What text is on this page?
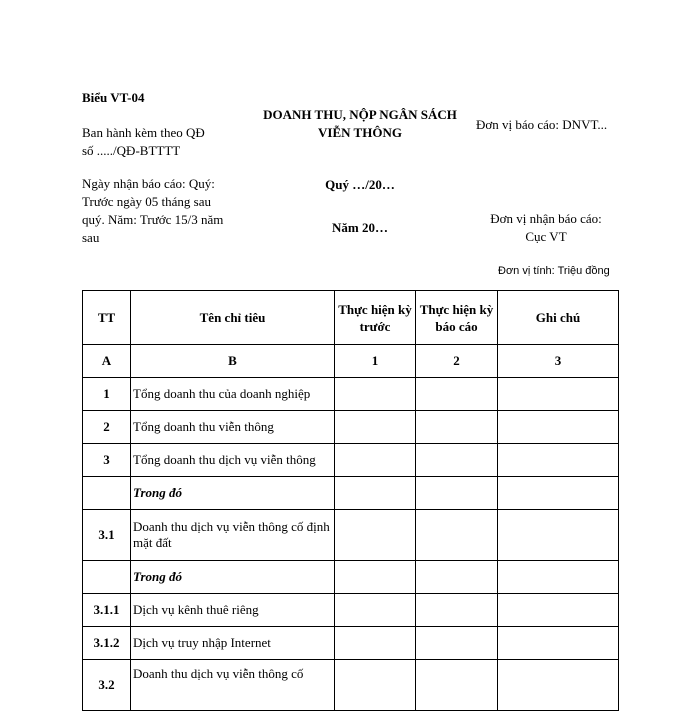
Biểu VT-04
Ban hành kèm theo QĐ
số ...../QĐ-BTTTT
DOANH THU, NỘP NGÂN SÁCH
VIỄN THÔNG
Đơn vị báo cáo: DNVT...
Ngày nhận báo cáo: Quý:
Trước ngày 05 tháng sau
quý. Năm: Trước 15/3 năm
sau
Quý …/20…
Năm 20…
Đơn vị nhận báo cáo:
Cục VT
Đơn vị tính: Triệu đồng
TT	Tên chỉ tiêu	Thực hiện kỳ trước	Thực hiện kỳ báo cáo	Ghi chú
A	B	1	2	3
1	Tổng doanh thu của doanh nghiệp			
2	Tổng doanh thu viễn thông			
3	Tổng doanh thu dịch vụ viễn thông			
	Trong đó			
3.1	Doanh thu dịch vụ viễn thông cố định mặt đất			
	Trong đó			
3.1.1	Dịch vụ kênh thuê riêng			
3.1.2	Dịch vụ truy nhập Internet			
3.2	Doanh thu dịch vụ viễn thông cố			
